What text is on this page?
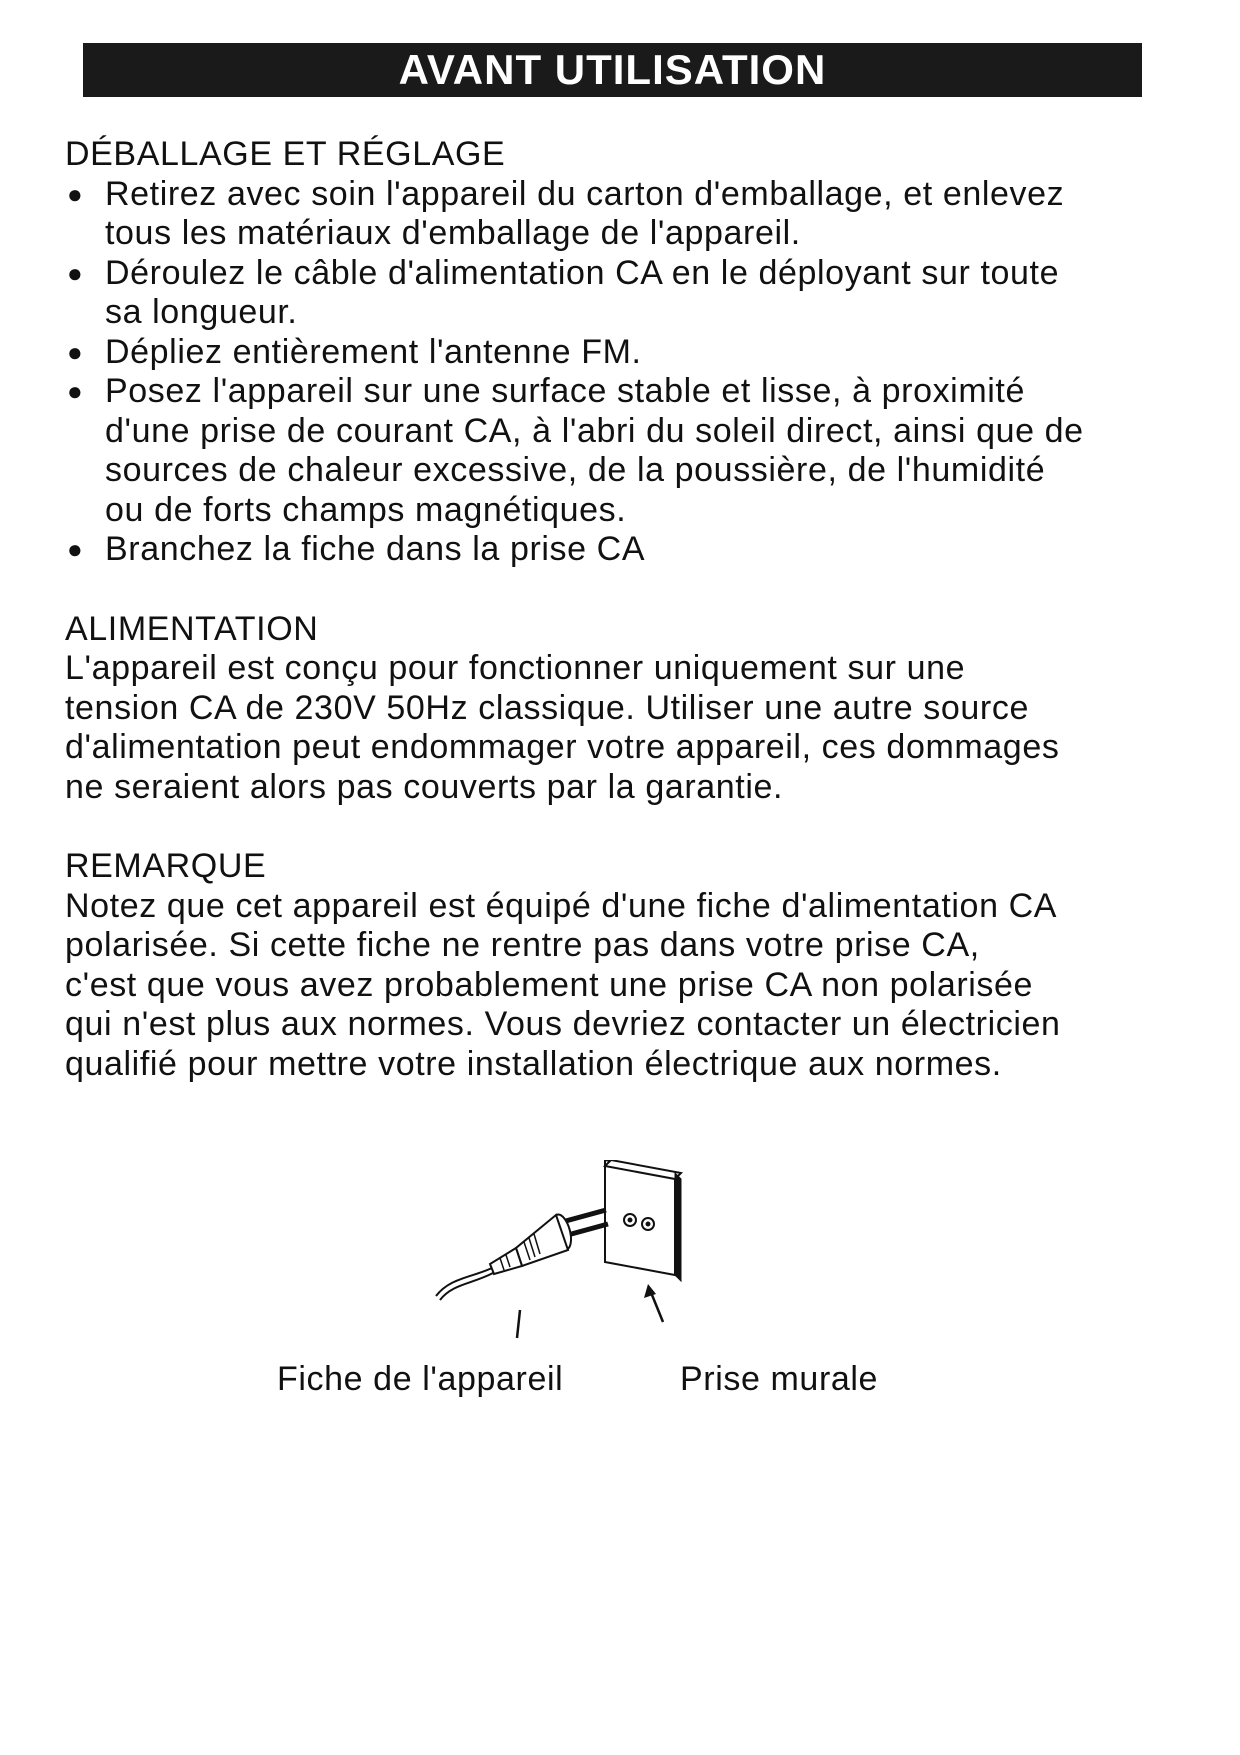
AVANT UTILISATION
DÉBALLAGE ET RÉGLAGE
● Retirez avec soin l'appareil du carton d'emballage, et enlevez
tous les matériaux d'emballage de l'appareil.
● Déroulez le câble d'alimentation CA en le déployant sur toute
sa longueur.
● Dépliez entièrement l'antenne FM.
● Posez l'appareil sur une surface stable et lisse, à proximité
d'une prise de courant CA, à l'abri du soleil direct, ainsi que de
sources de chaleur excessive, de la poussière, de l'humidité
ou de forts champs magnétiques.
● Branchez la fiche dans la prise CA
ALIMENTATION
L'appareil est conçu pour fonctionner uniquement sur une
tension CA de 230V 50Hz classique. Utiliser une autre source
d'alimentation peut endommager votre appareil, ces dommages
ne seraient alors pas couverts par la garantie.
REMARQUE
Notez que cet appareil est équipé d'une fiche d'alimentation CA
polarisée. Si cette fiche ne rentre pas dans votre prise CA,
c'est que vous avez probablement une prise CA non polarisée
qui n'est plus aux normes. Vous devriez contacter un électricien
qualifié pour mettre votre installation électrique aux normes.
Fiche de l'appareil	Prise murale
